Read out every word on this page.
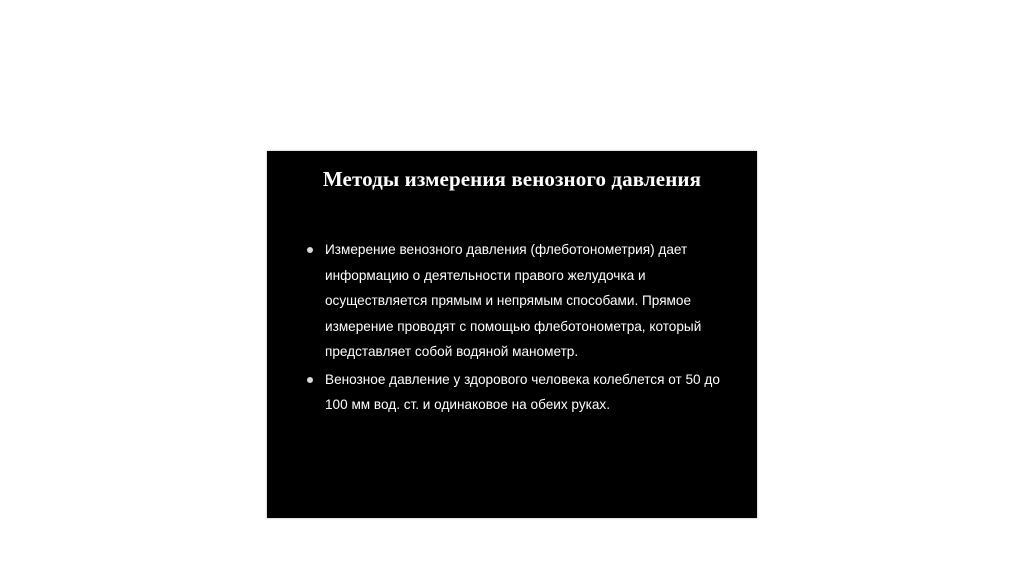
Методы измерения венозного давления
Измерение венозного давления (флеботонометрия) дает информацию о деятельности правого желудочка и осуществляется прямым и непрямым способами. Прямое измерение проводят с помощью флеботонометра, который представляет собой водяной манометр.
Венозное давление у здорового человека колеблется от 50 до 100 мм вод. ст. и одинаковое на обеих руках.
